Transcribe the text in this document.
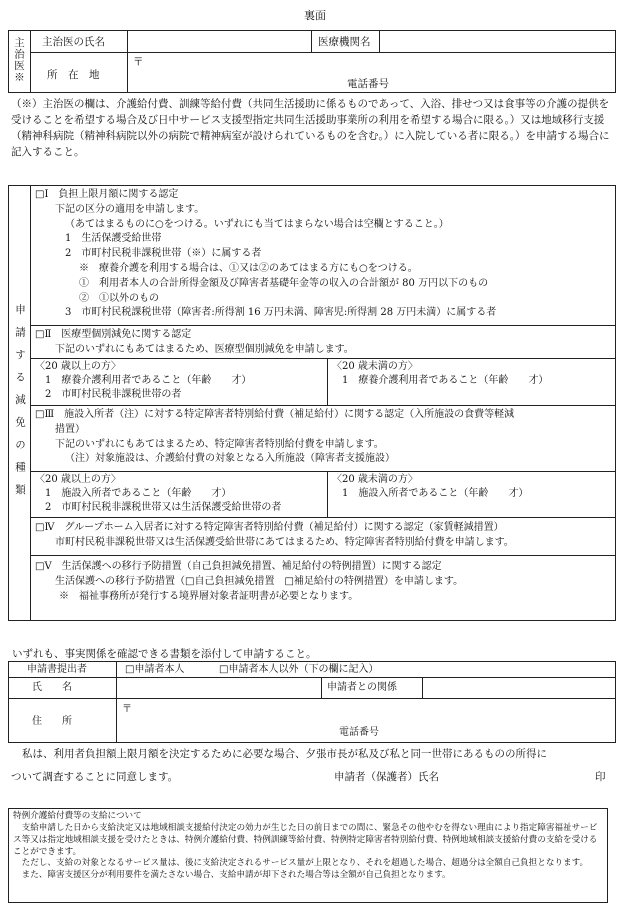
裏面
主治医※ 主治医の氏名	医療機関名
所　在　地
〒
電話番号
（※）主治医の欄は、介護給付費、訓練等給付費（共同生活援助に係るものであって、入浴、排せつ又は食事等の介護の提供を受けることを希望する場合及び日中サービス支援型指定共同生活援助事業所の利用を希望する場合に限る。）又は地域移行支援（精神科病院（精神科病院以外の病院で精神病室が設けられているものを含む。）に入院している者に限る。）を申請する場合に記入すること。
申請する減免の種類
□Ⅰ　負担上限月額に関する認定
下記の区分の適用を申請します。
（あてはまるものに○をつける。いずれにも当てはまらない場合は空欄とすること。）
1　生活保護受給世帯
2　市町村民税非課税世帯（※）に属する者
※　療養介護を利用する場合は、①又は②のあてはまる方にも○をつける。
①　利用者本人の合計所得金額及び障害者基礎年金等の収入の合計額が 80 万円以下のもの
②　①以外のもの
3　市町村民税課税世帯（障害者:所得割 16 万円未満、障害児:所得割 28 万円未満）に属する者
□Ⅱ　医療型個別減免に関する認定
下記のいずれにもあてはまるため、医療型個別減免を申請します。
〈20 歳以上の方〉
1　療養介護利用者であること（年齢　　才）
2　市町村民税非課税世帯の者
〈20 歳未満の方〉
1　療養介護利用者であること（年齢　　才）
□Ⅲ　施設入所者（注）に対する特定障害者特別給付費（補足給付）に関する認定（入所施設の食費等軽減
措置）
下記のいずれにもあてはまるため、特定障害者特別給付費を申請します。
（注）対象施設は、介護給付費の対象となる入所施設（障害者支援施設）
〈20 歳以上の方〉
1　施設入所者であること（年齢　　才）
2　市町村民税非課税世帯又は生活保護受給世帯の者
〈20 歳未満の方〉
1　施設入所者であること（年齢　　才）
□Ⅳ　グループホーム入居者に対する特定障害者特別給付費（補足給付）に関する認定（家賃軽減措置）
市町村民税非課税世帯又は生活保護受給世帯にあてはまるため、特定障害者特別給付費を申請します。
□Ⅴ　生活保護への移行予防措置（自己負担減免措置、補足給付の特例措置）に関する認定
生活保護への移行予防措置（□自己負担減免措置　□補足給付の特例措置）を申請します。
※　福祉事務所が発行する境界層対象者証明書が必要となります。
いずれも、事実関係を確認できる書類を添付して申請すること。
申請書提出者	□申請者本人	□申請者本人以外（下の欄に記入）
氏　　名	申請者との関係
住　　所
〒
電話番号
私は、利用者負担額上限月額を決定するために必要な場合、夕張市長が私及び私と同一世帯にあるものの所得に
ついて調査することに同意します。	申請者（保護者）氏名	印
特例介護給付費等の支給について
支給申請した日から支給決定又は地域相談支援給付決定の効力が生じた日の前日までの間に、緊急その他やむを得ない理由により指定障害福祉サービス等又は指定地域相談支援を受けたときは、特例介護給付費、特例訓練等給付費、特例特定障害者特別給付費、特例地域相談支援給付費の支給を受けることができます。
ただし、支給の対象となるサービス量は、後に支給決定されるサービス量が上限となり、それを超過した場合、超過分は全額自己負担となります。
また、障害支援区分が利用要件を満たさない場合、支給申請が却下された場合等は全額が自己負担となります。
